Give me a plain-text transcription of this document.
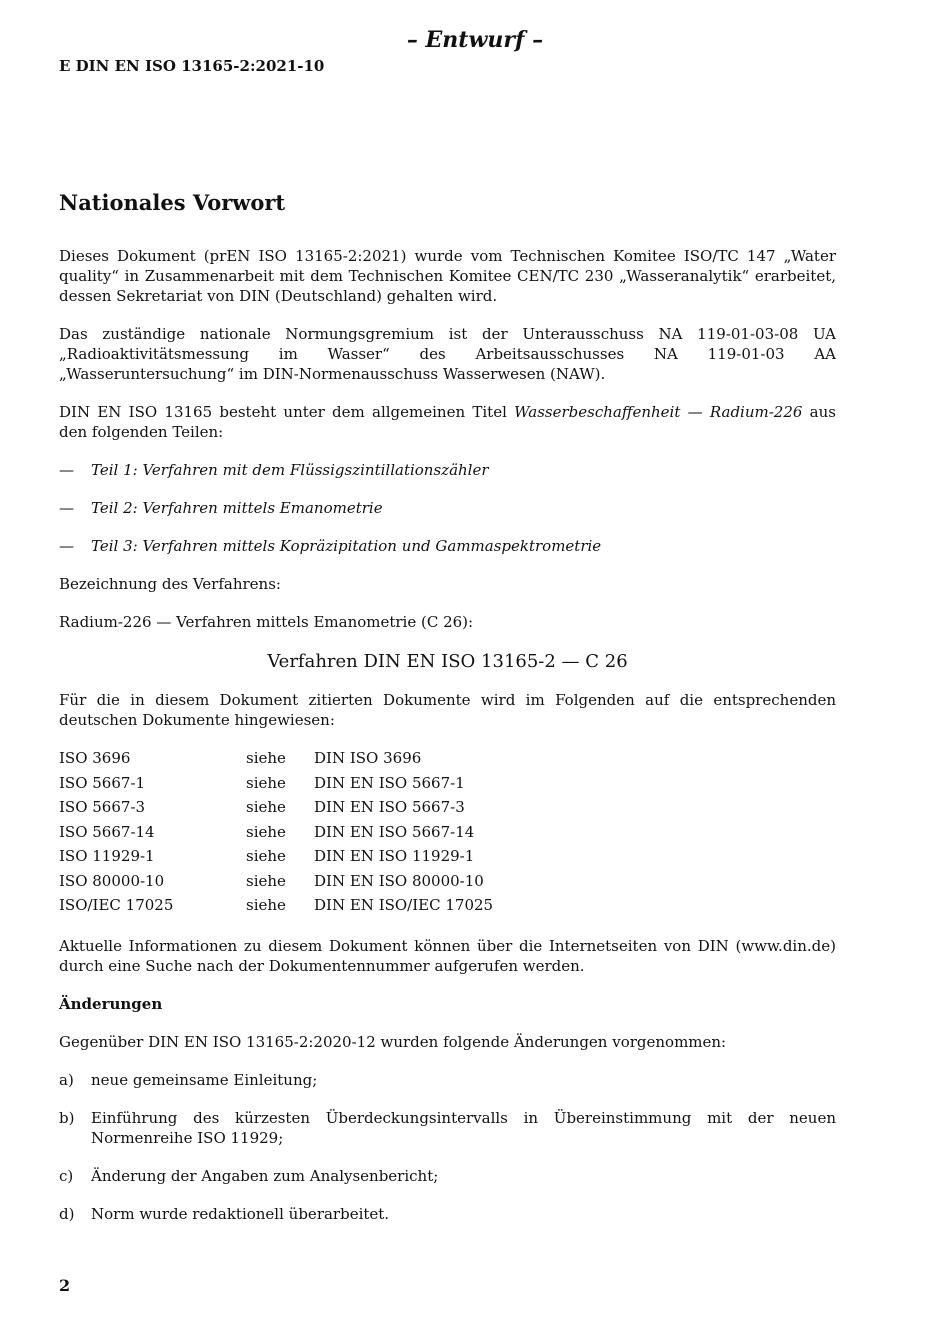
– Entwurf –
E DIN EN ISO 13165-2:2021-10
Nationales Vorwort

Dieses Dokument (prEN ISO 13165-2:2021) wurde vom Technischen Komitee ISO/TC 147 „Water quality“ in Zusammenarbeit mit dem Technischen Komitee CEN/TC 230 „Wasseranalytik“ erarbeitet, dessen Sekretariat von DIN (Deutschland) gehalten wird.

Das zuständige nationale Normungsgremium ist der Unterausschuss NA 119-01-03-08 UA „Radioaktivitätsmessung im Wasser“ des Arbeitsausschusses NA 119-01-03 AA „Wasseruntersuchung“ im DIN-Normenausschuss Wasserwesen (NAW).

DIN EN ISO 13165 besteht unter dem allgemeinen Titel Wasserbeschaffenheit — Radium-226 aus den folgenden Teilen:

—	Teil 1: Verfahren mit dem Flüssigszintillationszähler
—	Teil 2: Verfahren mittels Emanometrie
—	Teil 3: Verfahren mittels Kopräzipitation und Gammaspektrometrie

Bezeichnung des Verfahrens:

Radium-226 — Verfahren mittels Emanometrie (C 26):

Verfahren DIN EN ISO 13165-2 — C 26

Für die in diesem Dokument zitierten Dokumente wird im Folgenden auf die entsprechenden deutschen Dokumente hingewiesen:

ISO 3696	siehe	DIN ISO 3696
ISO 5667-1	siehe	DIN EN ISO 5667-1
ISO 5667-3	siehe	DIN EN ISO 5667-3
ISO 5667-14	siehe	DIN EN ISO 5667-14
ISO 11929-1	siehe	DIN EN ISO 11929-1
ISO 80000-10	siehe	DIN EN ISO 80000-10
ISO/IEC 17025	siehe	DIN EN ISO/IEC 17025

Aktuelle Informationen zu diesem Dokument können über die Internetseiten von DIN (www.din.de) durch eine Suche nach der Dokumentennummer aufgerufen werden.

Änderungen

Gegenüber DIN EN ISO 13165-2:2020-12 wurden folgende Änderungen vorgenommen:

a)	neue gemeinsame Einleitung;
b)	Einführung des kürzesten Überdeckungsintervalls in Übereinstimmung mit der neuen Normenreihe ISO 11929;
c)	Änderung der Angaben zum Analysenbericht;
d)	Norm wurde redaktionell überarbeitet.
2
